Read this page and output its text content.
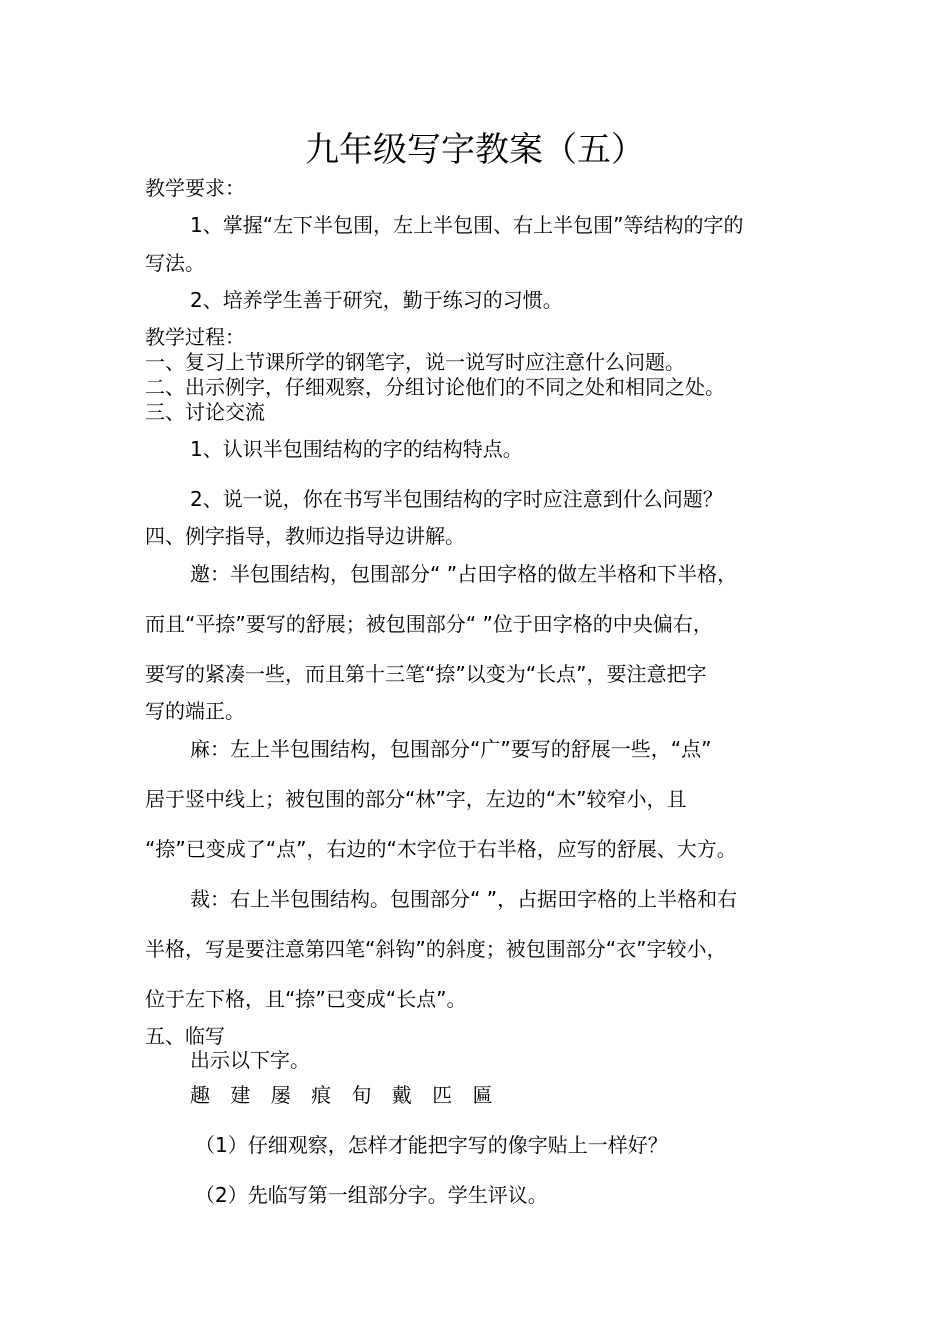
九年级写字教案（五）

教学要求：

1、掌握“左下半包围，左上半包围、右上半包围”等结构的字的

写法。

2、培养学生善于研究，勤于练习的习惯。

教学过程：

一、复习上节课所学的钢笔字，说一说写时应注意什么问题。

二、出示例字，仔细观察，分组讨论他们的不同之处和相同之处。

三、讨论交流

1、认识半包围结构的字的结构特点。

2、说一说，你在书写半包围结构的字时应注意到什么问题？

四、例字指导，教师边指导边讲解。

邀：半包围结构，包围部分“ ”占田字格的做左半格和下半格，

而且“平捺”要写的舒展；被包围部分“ ”位于田字格的中央偏右，

要写的紧凑一些，而且第十三笔“捺”以变为“长点”，要注意把字

写的端正。

麻：左上半包围结构，包围部分“广”要写的舒展一些，“点”

居于竖中线上；被包围的部分“林”字，左边的“木”较窄小，且

“捺”已变成了“点”，右边的“木字位于右半格，应写的舒展、大方。

裁：右上半包围结构。包围部分“ ”，占据田字格的上半格和右

半格，写是要注意第四笔“斜钩”的斜度；被包围部分“衣”字较小，

位于左下格，且“捺”已变成“长点”。

五、临写

出示以下字。

趣 建 屡 痕 旬 戴 匹 匾

（1）仔细观察，怎样才能把字写的像字贴上一样好？

（2）先临写第一组部分字。学生评议。
